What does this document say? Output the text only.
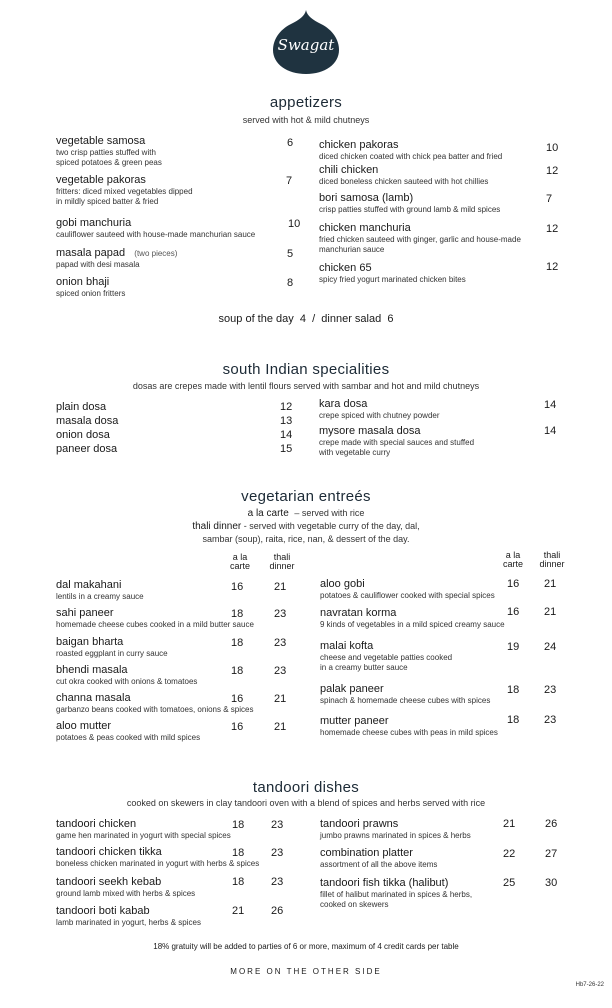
Swagat
appetizers
served with hot & mild chutneys
vegetable samosa
two crisp patties stuffed with
spiced potatoes & green peas
6
vegetable pakoras
fritters: diced mixed vegetables dipped
in mildly spiced batter & fried
7
gobi manchuria
cauliflower sauteed with house-made manchurian sauce
10
masala papad (two pieces)
papad with desi masala
5
onion bhaji
spiced onion fritters
8
chicken pakoras
diced chicken coated with chick pea batter and fried
10
chili chicken
diced boneless chicken sauteed with hot chillies
12
bori samosa (lamb)
crisp patties stuffed with ground lamb & mild spices
7
chicken manchuria
fried chicken sauteed with ginger, garlic and house-made
manchurian sauce
12
chicken 65
spicy fried yogurt marinated chicken bites
12
soup of the day  4  /  dinner salad  6
south Indian specialities
dosas are crepes made with lentil flours served with sambar and hot and mild chutneys
plain dosa	12
masala dosa	13
onion dosa	14
paneer dosa	15
kara dosa
crepe spiced with chutney powder
14
mysore masala dosa
crepe made with special sauces and stuffed
with vegetable curry
14
vegetarian entreés
a la carte – served with rice
thali dinner - served with vegetable curry of the day, dal,
sambar (soup), raita, rice, nan, & dessert of the day.
a la
carte
thali
dinner
a la
carte
thali
dinner
dal makahani
lentils in a creamy sauce
16	21
sahi paneer
homemade cheese cubes cooked in a mild butter sauce
18	23
baigan bharta
roasted eggplant in curry sauce
18	23
bhendi masala
cut okra cooked with onions & tomatoes
18	23
channa masala
garbanzo beans cooked with tomatoes, onions & spices
16	21
aloo mutter
potatoes & peas cooked with mild spices
16	21
aloo gobi
potatoes & cauliflower cooked with special spices
16 21
navratan korma
9 kinds of vegetables in a mild spiced creamy sauce
16 21
malai kofta
cheese and vegetable patties cooked
in a creamy butter sauce
19 24
palak paneer
spinach & homemade cheese cubes with spices
18 23
mutter paneer
homemade cheese cubes with peas in mild spices
18 23
tandoori dishes
cooked on skewers in clay tandoori oven with a blend of spices and herbs served with rice
tandoori chicken
game hen marinated in yogurt with special spices
18 23
tandoori chicken tikka
boneless chicken marinated in yogurt with herbs & spices
18 23
tandoori seekh kebab
ground lamb mixed with herbs & spices
18 23
tandoori boti kabab
lamb marinated in yogurt, herbs & spices
21 26
tandoori prawns
jumbo prawns marinated in spices & herbs
21	26
combination platter
assortment of all the above items
22	27
tandoori fish tikka (halibut)
fillet of halibut marinated in spices & herbs,
cooked on skewers
25	30
18% gratuity will be added to parties of 6 or more, maximum of 4 credit cards per table
MORE ON THE OTHER SIDE
Hb7-26-22
